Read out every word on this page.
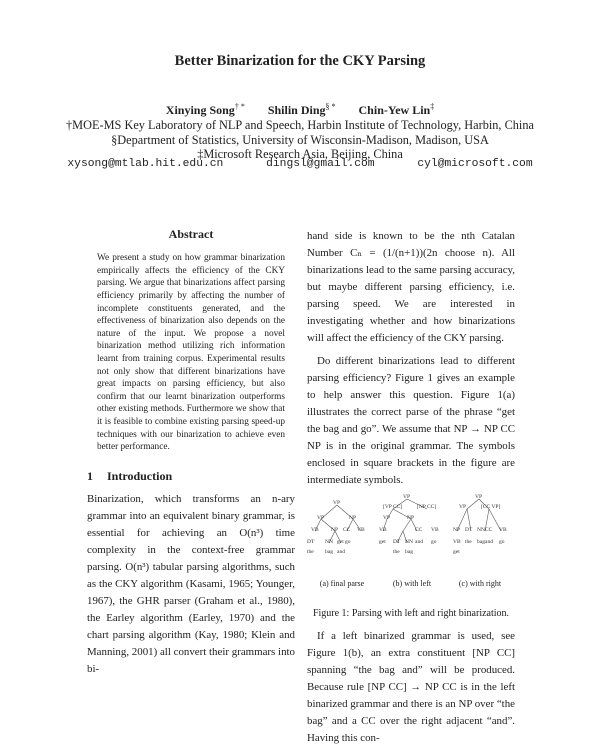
Better Binarization for the CKY Parsing
Xinying Song† * Shilin Ding§ * Chin-Yew Lin‡
†MOE-MS Key Laboratory of NLP and Speech, Harbin Institute of Technology, Harbin, China
§Department of Statistics, University of Wisconsin-Madison, Madison, USA
‡Microsoft Research Asia, Beijing, China
xysong@mtlab.hit.edu.cn	dingsl@gmail.com	cyl@microsoft.com
Abstract

We present a study on how grammar binarization empirically affects the efficiency of the CKY parsing. We argue that binarizations affect parsing efficiency primarily by affecting the number of incomplete constituents generated, and the effectiveness of binarization also depends on the nature of the input. We propose a novel binarization method utilizing rich information learnt from training corpus. Experimental results not only show that different binarizations have great impacts on parsing efficiency, but also confirm that our learnt binarization outperforms other existing methods. Furthermore we show that it is feasible to combine existing parsing speed-up techniques with our binarization to achieve even better performance.

1 Introduction

Binarization, which transforms an n-ary grammar into an equivalent binary grammar, is essential for achieving an O(n³) time complexity in the context-free grammar parsing. O(n³) tabular parsing algorithms, such as the CKY algorithm (Kasami, 1965; Younger, 1967), the GHR parser (Graham et al., 1980), the Earley algorithm (Earley, 1970) and the chart parsing algorithm (Kay, 1980; Klein and Manning, 2001) all convert their grammars into bi-

hand side is known to be the nth Catalan Number Cₙ = (1/(n+1))(2n choose n). All binarizations lead to the same parsing accuracy, but maybe different parsing efficiency, i.e. parsing speed. We are interested in investigating whether and how binarizations will affect the efficiency of the CKY parsing.

Do different binarizations lead to different parsing efficiency? Figure 1 gives an example to help answer this question. Figure 1(a) illustrates the correct parse of the phrase “get the bag and go”. We assume that NP → NP CC NP is in the original grammar. The symbols enclosed in square brackets in the figure are intermediate symbols.

VP
VP	NP
VB NP CC VB
DT NN get
the bag and
go
VP
[VP CC]
VP	NP
[NP CC]
VB
DT NN
CC VB
get
the bag
and go
VP
[CC VP]
VP
NP
VB
DT NN CC VB
get
the bag and go
(a) final parse	(b) with left	(c) with right
Figure 1: Parsing with left and right binarization.

If a left binarized grammar is used, see Figure 1(b), an extra constituent [NP CC] spanning “the bag and” will be produced. Because rule [NP CC] → NP CC is in the left binarized grammar and there is an NP over “the bag” and a CC over the right adjacent “and”. Having this con-
